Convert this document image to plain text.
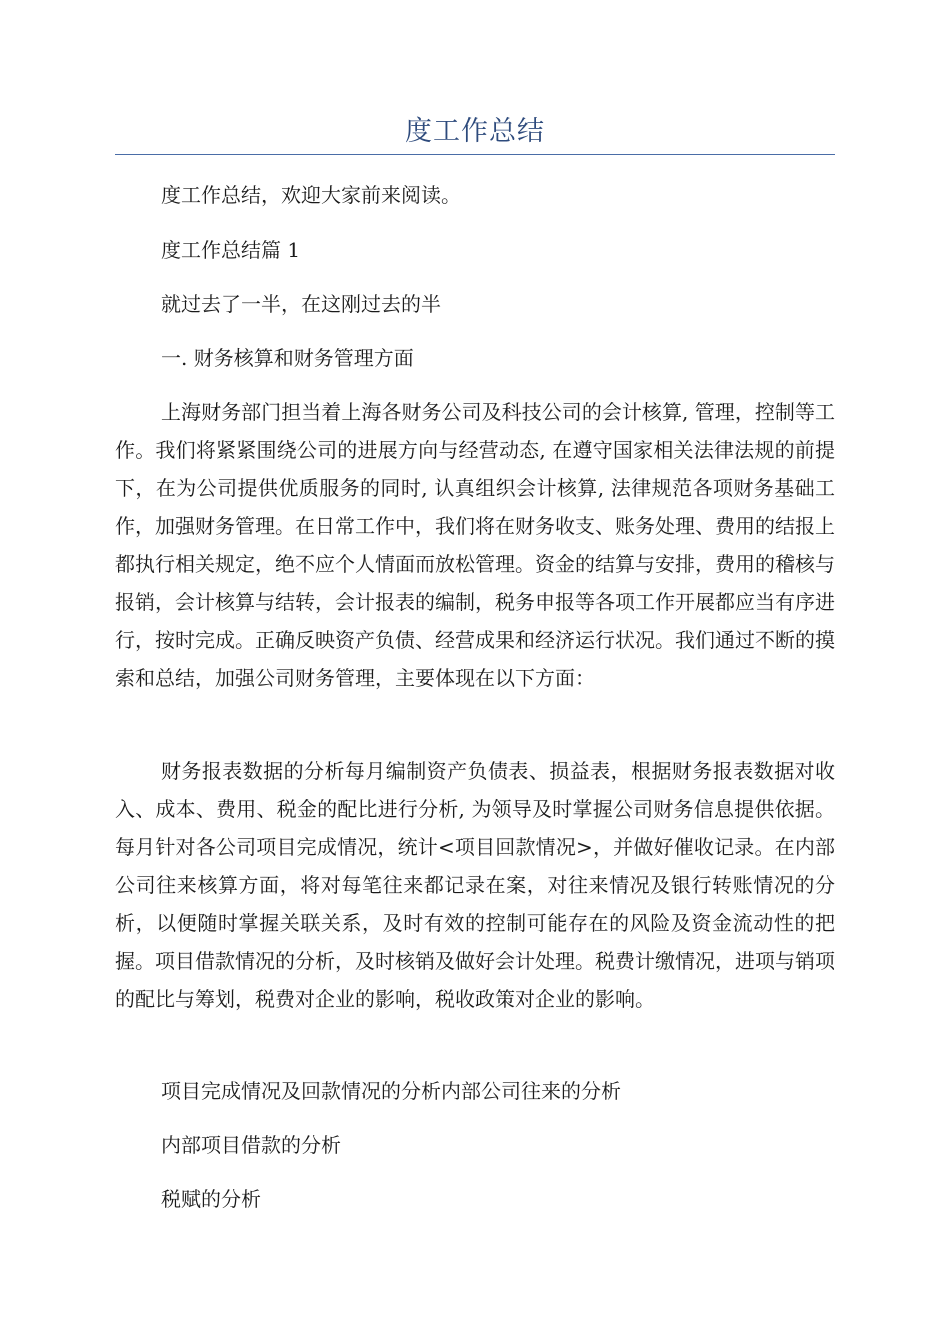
度工作总结

度工作总结，欢迎大家前来阅读。

度工作总结篇 1

就过去了一半，在这刚过去的半

一. 财务核算和财务管理方面

上海财务部门担当着上海各财务公司及科技公司的会计核算, 管理，控制等工作。我们将紧紧围绕公司的进展方向与经营动态, 在遵守国家相关法律法规的前提下，在为公司提供优质服务的同时, 认真组织会计核算, 法律规范各项财务基础工作，加强财务管理。在日常工作中，我们将在财务收支、账务处理、费用的结报上都执行相关规定，绝不应个人情面而放松管理。资金的结算与安排，费用的稽核与报销，会计核算与结转，会计报表的编制，税务申报等各项工作开展都应当有序进行，按时完成。正确反映资产负债、经营成果和经济运行状况。我们通过不断的摸索和总结，加强公司财务管理，主要体现在以下方面：

财务报表数据的分析每月编制资产负债表、损益表，根据财务报表数据对收入、成本、费用、税金的配比进行分析, 为领导及时掌握公司财务信息提供依据。每月针对各公司项目完成情况，统计<项目回款情况>，并做好催收记录。在内部公司往来核算方面，将对每笔往来都记录在案，对往来情况及银行转账情况的分析，以便随时掌握关联关系，及时有效的控制可能存在的风险及资金流动性的把握。项目借款情况的分析，及时核销及做好会计处理。税费计缴情况，进项与销项的配比与筹划，税费对企业的影响，税收政策对企业的影响。

项目完成情况及回款情况的分析内部公司往来的分析

内部项目借款的分析

税赋的分析
